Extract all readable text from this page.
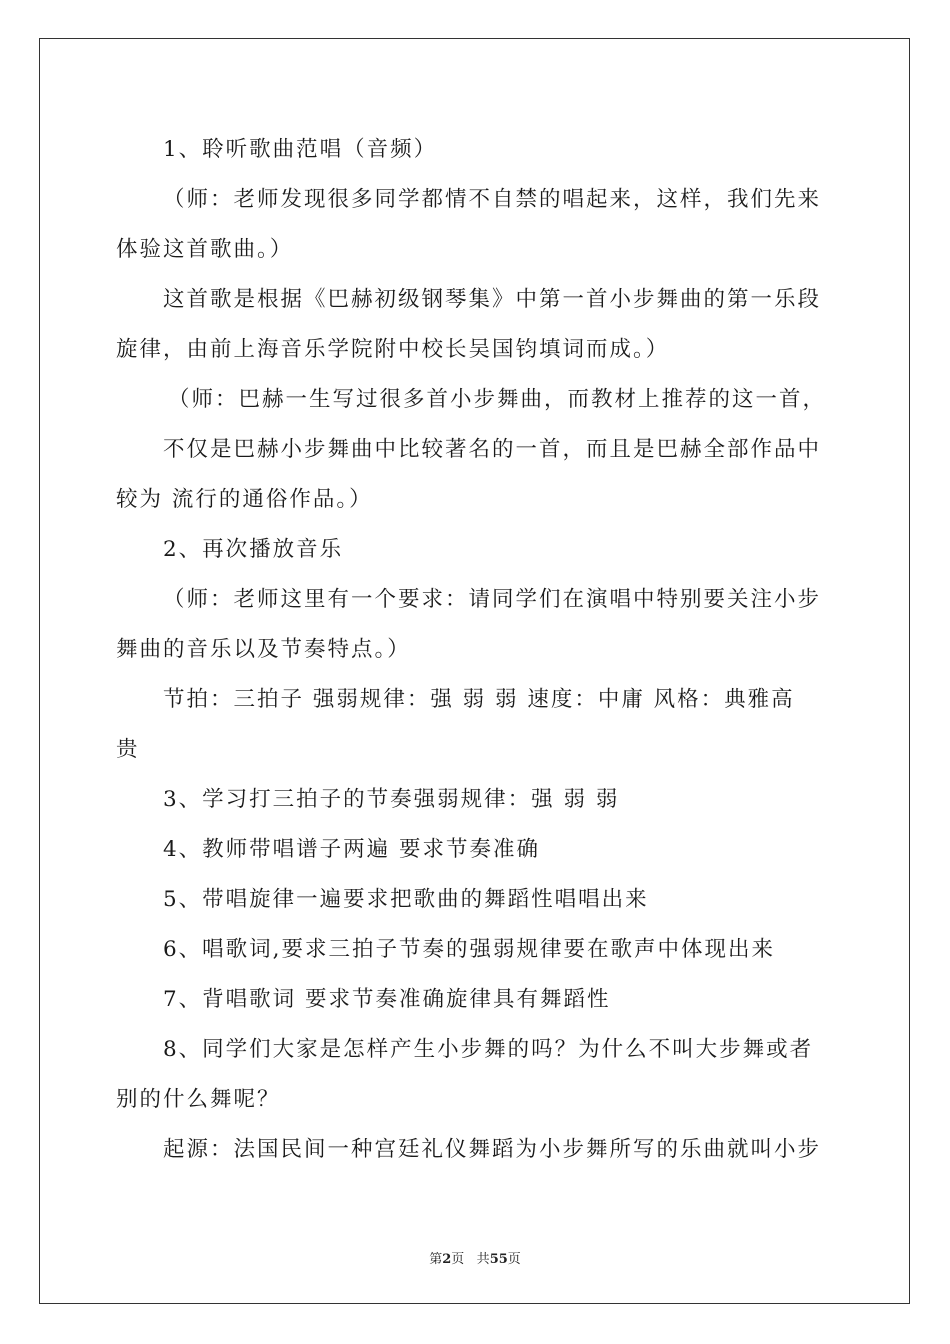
1、聆听歌曲范唱（音频）

（师：老师发现很多同学都情不自禁的唱起来，这样，我们先来

体验这首歌曲。）

这首歌是根据《巴赫初级钢琴集》中第一首小步舞曲的第一乐段

旋律，由前上海音乐学院附中校长吴国钧填词而成。）

（师：巴赫一生写过很多首小步舞曲，而教材上推荐的这一首，

不仅是巴赫小步舞曲中比较著名的一首，而且是巴赫全部作品中

较为 流行的通俗作品。）

2、再次播放音乐

（师：老师这里有一个要求：请同学们在演唱中特别要关注小步

舞曲的音乐以及节奏特点。）

节拍：三拍子 强弱规律：强 弱 弱 速度：中庸 风格：典雅高

贵

3、学习打三拍子的节奏强弱规律：强 弱 弱

4、教师带唱谱子两遍 要求节奏准确

5、带唱旋律一遍要求把歌曲的舞蹈性唱唱出来

6、唱歌词,要求三拍子节奏的强弱规律要在歌声中体现出来

7、背唱歌词 要求节奏准确旋律具有舞蹈性

8、同学们大家是怎样产生小步舞的吗？为什么不叫大步舞或者

别的什么舞呢？

起源：法国民间一种宫廷礼仪舞蹈为小步舞所写的乐曲就叫小步

第2页 共55页
